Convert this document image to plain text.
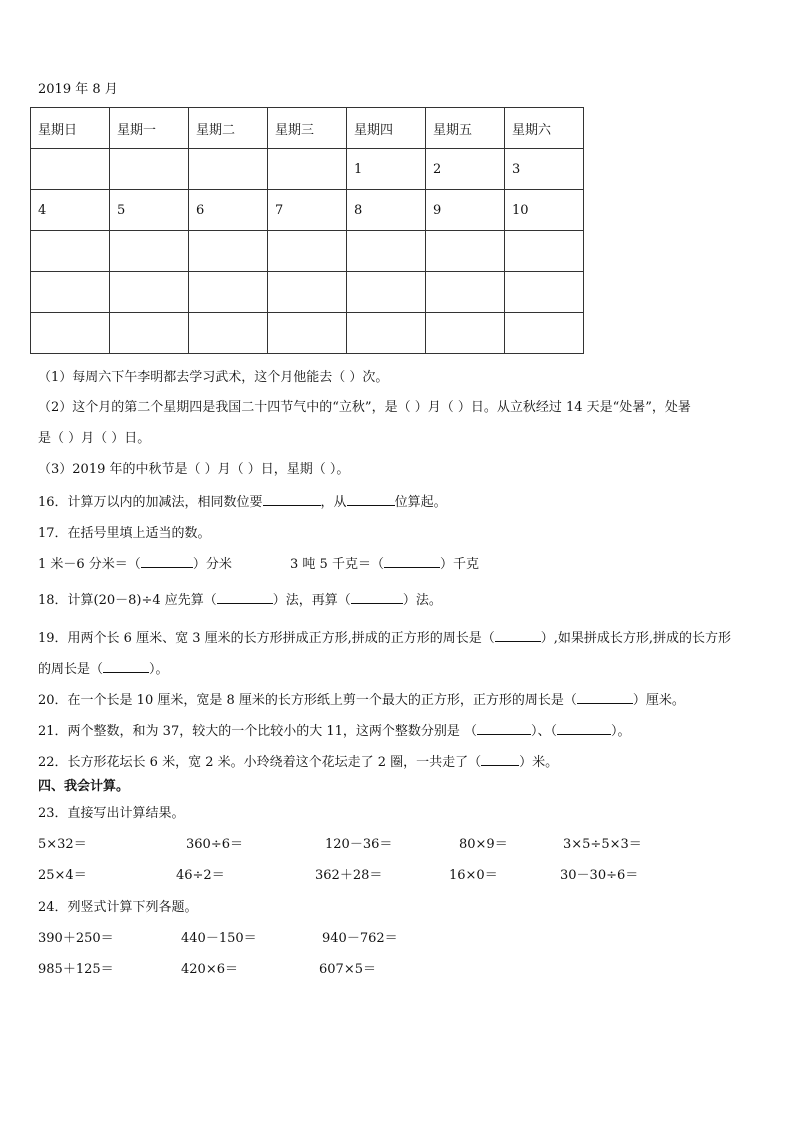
2019 年 8 月
星期日	星期一	星期二	星期三	星期四	星期五	星期六
				1	2	3
4	5	6	7	8	9	10

（1）每周六下午李明都去学习武术，这个月他能去（ ）次。
（2）这个月的第二个星期四是我国二十四节气中的“立秋”，是（ ）月（ ）日。从立秋经过 14 天是“处暑”，处暑
是（ ）月（ ）日。
（3）2019 年的中秋节是（ ）月（ ）日，星期（ ）。
16．计算万以内的加减法，相同数位要	，从	位算起。
17．在括号里填上适当的数。
1 米－6 分米＝（	）分米	3 吨 5 千克＝（	）千克
18．计算(20－8)÷4 应先算（	）法，再算（	）法。
19．用两个长 6 厘米、宽 3 厘米的长方形拼成正方形,拼成的正方形的周长是（	）,如果拼成长方形,拼成的长方形
的周长是（	）。
20．在一个长是 10 厘米，宽是 8 厘米的长方形纸上剪一个最大的正方形，正方形的周长是（	）厘米。
21．两个整数，和为 37，较大的一个比较小的大 11，这两个整数分别是 （	）、（	）。
22．长方形花坛长 6 米，宽 2 米。小玲绕着这个花坛走了 2 圈，一共走了（	）米。
四、我会计算。
23．直接写出计算结果。
5×32＝	360÷6＝	120－36＝	80×9＝	3×5÷5×3＝
25×4＝	46÷2＝	362＋28＝	16×0＝	30－30÷6＝
24．列竖式计算下列各题。
390＋250＝	440－150＝	940－762＝
985＋125＝	420×6＝	607×5＝
